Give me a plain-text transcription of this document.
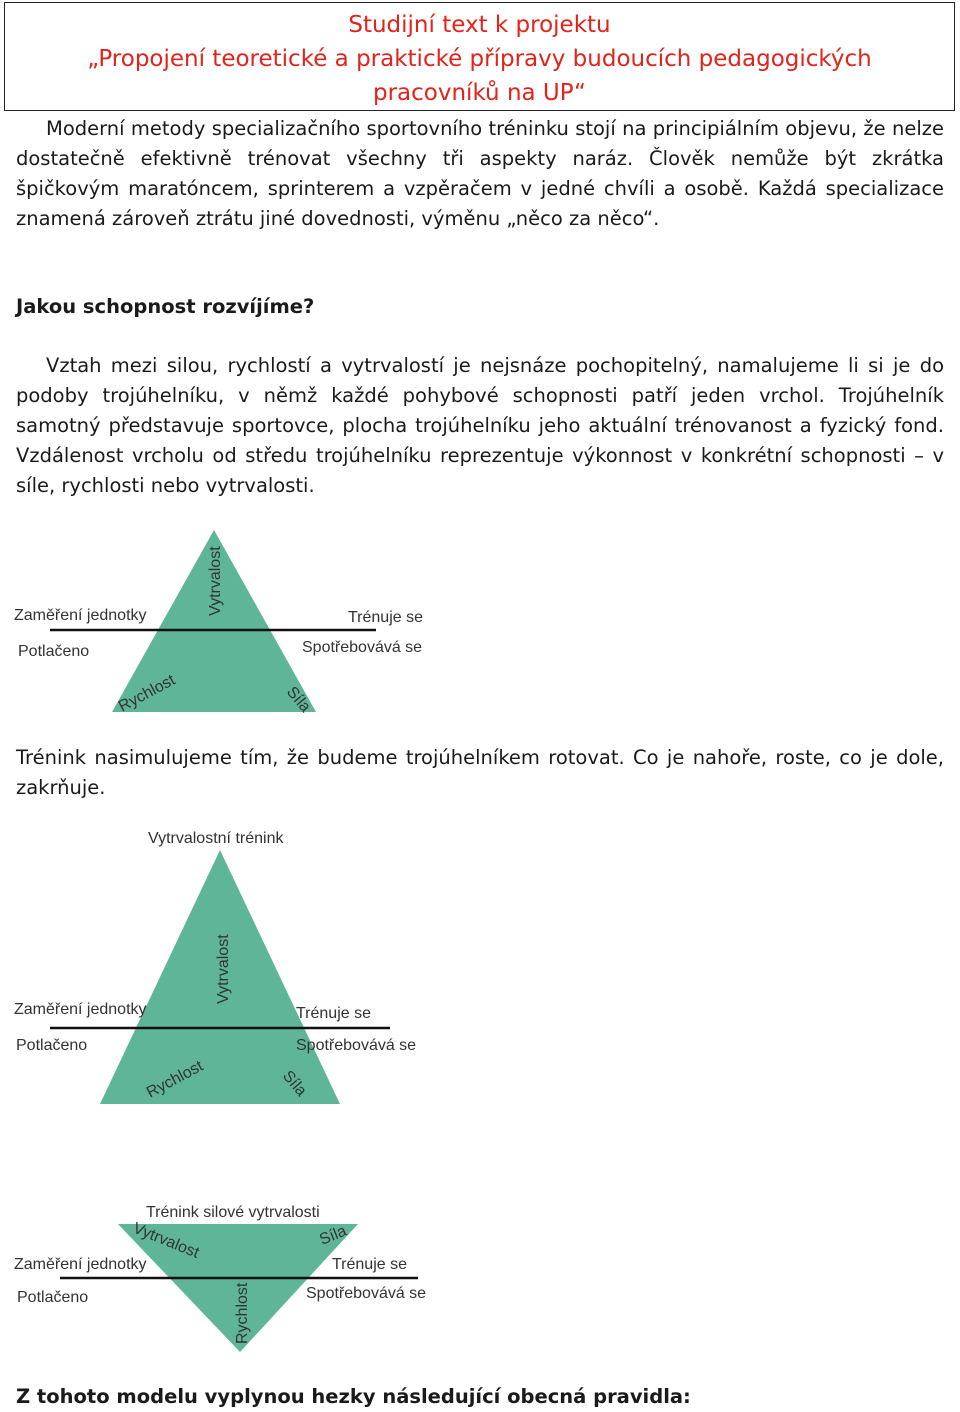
Studijní text k projektu
„Propojení teoretické a praktické přípravy budoucích pedagogických
pracovníků na UP“

Moderní metody specializačního sportovního tréninku stojí na principiálním objevu, že nelze dostatečně efektivně trénovat všechny tři aspekty naráz. Člověk nemůže být zkrátka špičkovým maratóncem, sprinterem a vzpěračem v jedné chvíli a osobě. Každá specializace znamená zároveň ztrátu jiné dovednosti, výměnu „něco za něco“.

Jakou schopnost rozvíjíme?

Vztah mezi silou, rychlostí a vytrvalostí je nejsnáze pochopitelný, namalujeme li si je do podoby trojúhelníku, v němž každé pohybové schopnosti patří jeden vrchol. Trojúhelník samotný představuje sportovce, plocha trojúhelníku jeho aktuální trénovanost a fyzický fond. Vzdálenost vrcholu od středu trojúhelníku reprezentuje výkonnost v konkrétní schopnosti – v síle, rychlosti nebo vytrvalosti.

Zaměření jednotky
Potlačeno
Trénuje se
Spotřebovává se
Vytrvalost
Rychlost	Síla

Trénink nasimulujeme tím, že budeme trojúhelníkem rotovat. Co je nahoře, roste, co je dole, zakrňuje.

Vytrvalostní trénink
Zaměření jednotky
Potlačeno
Trénuje se
Spotřebovává se
Vytrvalost
Rychlost	Síla
Trénink silové vytrvalosti
Zaměření jednotky
Potlačeno
Trénuje se
Spotřebovává se
Vytrvalost	Síla
Rychlost

Z tohoto modelu vyplynou hezky následující obecná pravidla:
